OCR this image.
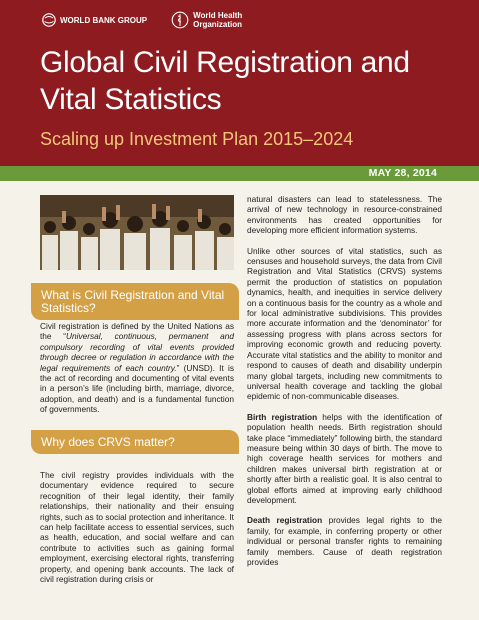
WORLD BANK GROUP	World Health
Organization
Global Civil Registration and Vital Statistics
Scaling up Investment Plan 2015–2024
MAY 28, 2014
What is Civil Registration and Vital Statistics?

Civil registration is defined by the United Nations as the “Universal, continuous, permanent and compulsory recording of vital events provided through decree or regulation in accordance with the legal requirements of each country.” (UNSD). It is the act of recording and documenting of vital events in a person’s life (including birth, marriage, divorce, adoption, and death) and is a fundamental function of governments.

Why does CRVS matter?

The civil registry provides individuals with the documentary evidence required to secure recognition of their legal identity, their family relationships, their nationality and their ensuing rights, such as to social protection and inheritance. It can help facilitate access to essential services, such as health, education, and social welfare and can contribute to activities such as gaining formal employment, exercising electoral rights, transferring property, and opening bank accounts. The lack of civil registration during crisis or

natural disasters can lead to statelessness. The arrival of new technology in resource-constrained environments has created opportunities for developing more efficient information systems.

Unlike other sources of vital statistics, such as censuses and household surveys, the data from Civil Registration and Vital Statistics (CRVS) systems permit the production of statistics on population dynamics, health, and inequities in service delivery on a continuous basis for the country as a whole and for local administrative subdivisions. This provides more accurate information and the ‘denominator’ for assessing progress with plans across sectors for improving economic growth and reducing poverty. Accurate vital statistics and the ability to monitor and respond to causes of death and disability underpin many global targets, including new commitments to universal health coverage and tackling the global epidemic of non-communicable diseases.

Birth registration helps with the identification of population health needs. Birth registration should take place “immediately” following birth, the standard measure being within 30 days of birth. The move to high coverage health services for mothers and children makes universal birth registration at or shortly after birth a realistic goal. It is also central to global efforts aimed at improving early childhood development.

Death registration provides legal rights to the family, for example, in conferring property or other individual or personal transfer rights to remaining family members. Cause of death registration provides
